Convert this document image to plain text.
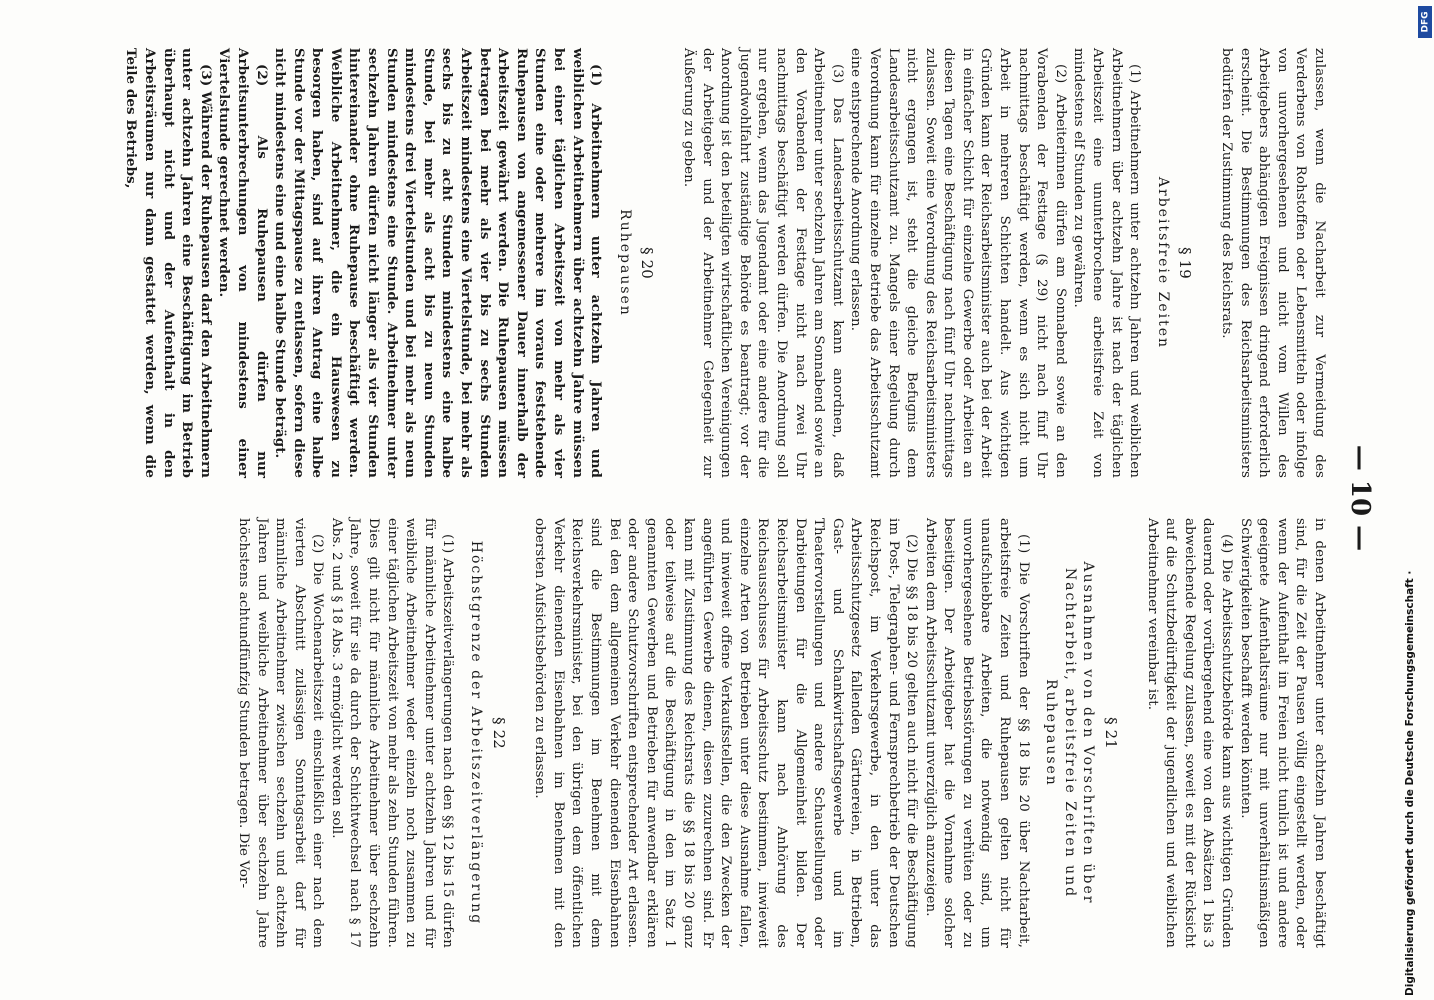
— 10 —

zulassen, wenn die Nacharbeit zur Vermeidung des Verderbens von Rohstoffen oder Lebensmitteln oder infolge von unvorhergesehenen und nicht vom Willen des Arbeitgebers abhängigen Ereignissen dringend erforderlich erscheint. Die Bestimmungen des Reichsarbeitsministers bedürfen der Zustimmung des Reichsrats.

§ 19
Arbeitsfreie Zeiten

(1) Arbeitnehmern unter achtzehn Jahren und weiblichen Arbeitnehmern über achtzehn Jahre ist nach der täglichen Arbeitszeit eine ununterbrochene arbeitsfreie Zeit von mindestens elf Stunden zu gewähren.

(2) Arbeiterinnen dürfen am Sonnabend sowie an den Vorabenden der Festtage (§ 29) nicht nach fünf Uhr nachmittags beschäftigt werden, wenn es sich nicht um Arbeit in mehreren Schichten handelt. Aus wichtigen Gründen kann der Reichsarbeitsminister auch bei der Arbeit in einfacher Schicht für einzelne Gewerbe oder Arbeiten an diesen Tagen eine Beschäftigung nach fünf Uhr nachmittags zulassen. Soweit eine Verordnung des Reichsarbeitsministers nicht ergangen ist, steht die gleiche Befugnis dem Landesarbeitsschutzamt zu. Mangels einer Regelung durch Verordnung kann für einzelne Betriebe das Arbeitsschutzamt eine entsprechende Anordnung erlassen.

(3) Das Landesarbeitsschutzamt kann anordnen, daß Arbeitnehmer unter sechzehn Jahren am Sonnabend sowie an den Vorabenden der Festtage nicht nach zwei Uhr nachmittags beschäftigt werden dürfen. Die Anordnung soll nur ergehen, wenn das Jugendamt oder eine andere für die Jugendwohlfahrt zuständige Behörde es beantragt; vor der Anordnung ist den beteiligten wirtschaftlichen Vereinigungen der Arbeitgeber und der Arbeitnehmer Gelegenheit zur Äußerung zu geben.

§ 20
Ruhepausen

(1) Arbeitnehmern unter achtzehn Jahren und weiblichen Arbeitnehmern über achtzehn Jahre müssen bei einer täglichen Arbeitszeit von mehr als vier Stunden eine oder mehrere im voraus feststehende Ruhepausen von angemessener Dauer innerhalb der Arbeitszeit gewährt werden. Die Ruhepausen müssen betragen bei mehr als vier bis zu sechs Stunden Arbeitszeit mindestens eine Viertelstunde, bei mehr als sechs bis zu acht Stunden mindestens eine halbe Stunde, bei mehr als acht bis zu neun Stunden mindestens drei Viertelstunden und bei mehr als neun Stunden mindestens eine Stunde. Arbeitnehmer unter sechzehn Jahren dürfen nicht länger als vier Stunden hintereinander ohne Ruhepause beschäftigt werden. Weibliche Arbeitnehmer, die ein Hauswesen zu besorgen haben, sind auf ihren Antrag eine halbe Stunde vor der Mittagspause zu entlassen, sofern diese nicht mindestens eine und eine halbe Stunde beträgt.

(2) Als Ruhepausen dürfen nur Arbeitsunterbrechungen von mindestens einer Viertelstunde gerechnet werden.

(3) Während der Ruhepausen darf den Arbeitnehmern unter achtzehn Jahren eine Beschäftigung im Betrieb überhaupt nicht und der Aufenthalt in den Arbeitsräumen nur dann gestattet werden, wenn die Teile des Betriebs,

in denen Arbeitnehmer unter achtzehn Jahren beschäftigt sind, für die Zeit der Pausen völlig eingestellt werden, oder wenn der Aufenthalt im Freien nicht tunlich ist und andere geeignete Aufenthaltsräume nur mit unverhältnismäßigen Schwierigkeiten beschafft werden könnten.

(4) Die Arbeitsschutzbehörde kann aus wichtigen Gründen dauernd oder vorübergehend eine von den Absätzen 1 bis 3 abweichende Regelung zulassen, soweit es mit der Rücksicht auf die Schutzbedürftigkeit der jugendlichen und weiblichen Arbeitnehmer vereinbar ist.

§ 21
Ausnahmen von den Vorschriften über Nachtarbeit, arbeitsfreie Zeiten und Ruhepausen

(1) Die Vorschriften der §§ 18 bis 20 über Nachtarbeit, arbeitsfreie Zeiten und Ruhepausen gelten nicht für unaufschiebbare Arbeiten, die notwendig sind, um unvorhergesehene Betriebsstörungen zu verhüten oder zu beseitigen. Der Arbeitgeber hat die Vornahme solcher Arbeiten dem Arbeitsschutzamt unverzüglich anzuzeigen.

(2) Die §§ 18 bis 20 gelten auch nicht für die Beschäftigung im Post-, Telegraphen- und Fernsprechbetrieb der Deutschen Reichspost, im Verkehrsgewerbe, in den unter das Arbeitsschutzgesetz fallenden Gärtnereien, in Betrieben, Gast- und Schankwirtschaftsgewerbe und im Theatervorstellungen und andere Schaustellungen oder Darbietungen für die Allgemeinheit bilden. Der Reichsarbeitsminister kann nach Anhörung des Reichsausschusses für Arbeitsschutz bestimmen, inwieweit einzelne Arten von Betrieben unter diese Ausnahme fallen, und inwieweit offene Verkaufsstellen, die den Zwecken der angeführten Gewerbe dienen, diesen zuzurechnen sind. Er kann mit Zustimmung des Reichsrats die §§ 18 bis 20 ganz oder teilweise auf die Beschäftigung in den im Satz 1 genannten Gewerben und Betrieben für anwendbar erklären oder andere Schutzvorschriften entsprechender Art erlassen. Bei den dem allgemeinen Verkehr dienenden Eisenbahnen sind die Bestimmungen im Benehmen mit dem Reichsverkehrsminister, bei den übrigen dem öffentlichen Verkehr dienenden Eisenbahnen im Benehmen mit den obersten Aufsichtsbehörden zu erlassen.

§ 22
Höchstgrenze der Arbeitszeitverlängerung

(1) Arbeitszeitverlängerungen nach den §§ 12 bis 15 dürfen für männliche Arbeitnehmer unter achtzehn Jahren und für weibliche Arbeitnehmer weder einzeln noch zusammen zu einer täglichen Arbeitszeit von mehr als zehn Stunden führen. Dies gilt nicht für männliche Arbeitnehmer über sechzehn Jahre, soweit für sie da durch der Schichtwechsel nach § 17 Abs. 2 und § 18 Abs. 3 ermöglicht werden soll.

(2) Die Wochenarbeitszeit einschließlich einer nach dem vierten Abschnitt zulässigen Sonntagsarbeit darf für männliche Arbeitnehmer zwischen sechzehn und achtzehn Jahren und weibliche Arbeitnehmer über sechzehn Jahre höchstens achtundfünfzig Stunden betragen. Die Vor-	Digitalisierung gefördert durch die Deutsche Forschungsgemeinschaft ·
DFG
